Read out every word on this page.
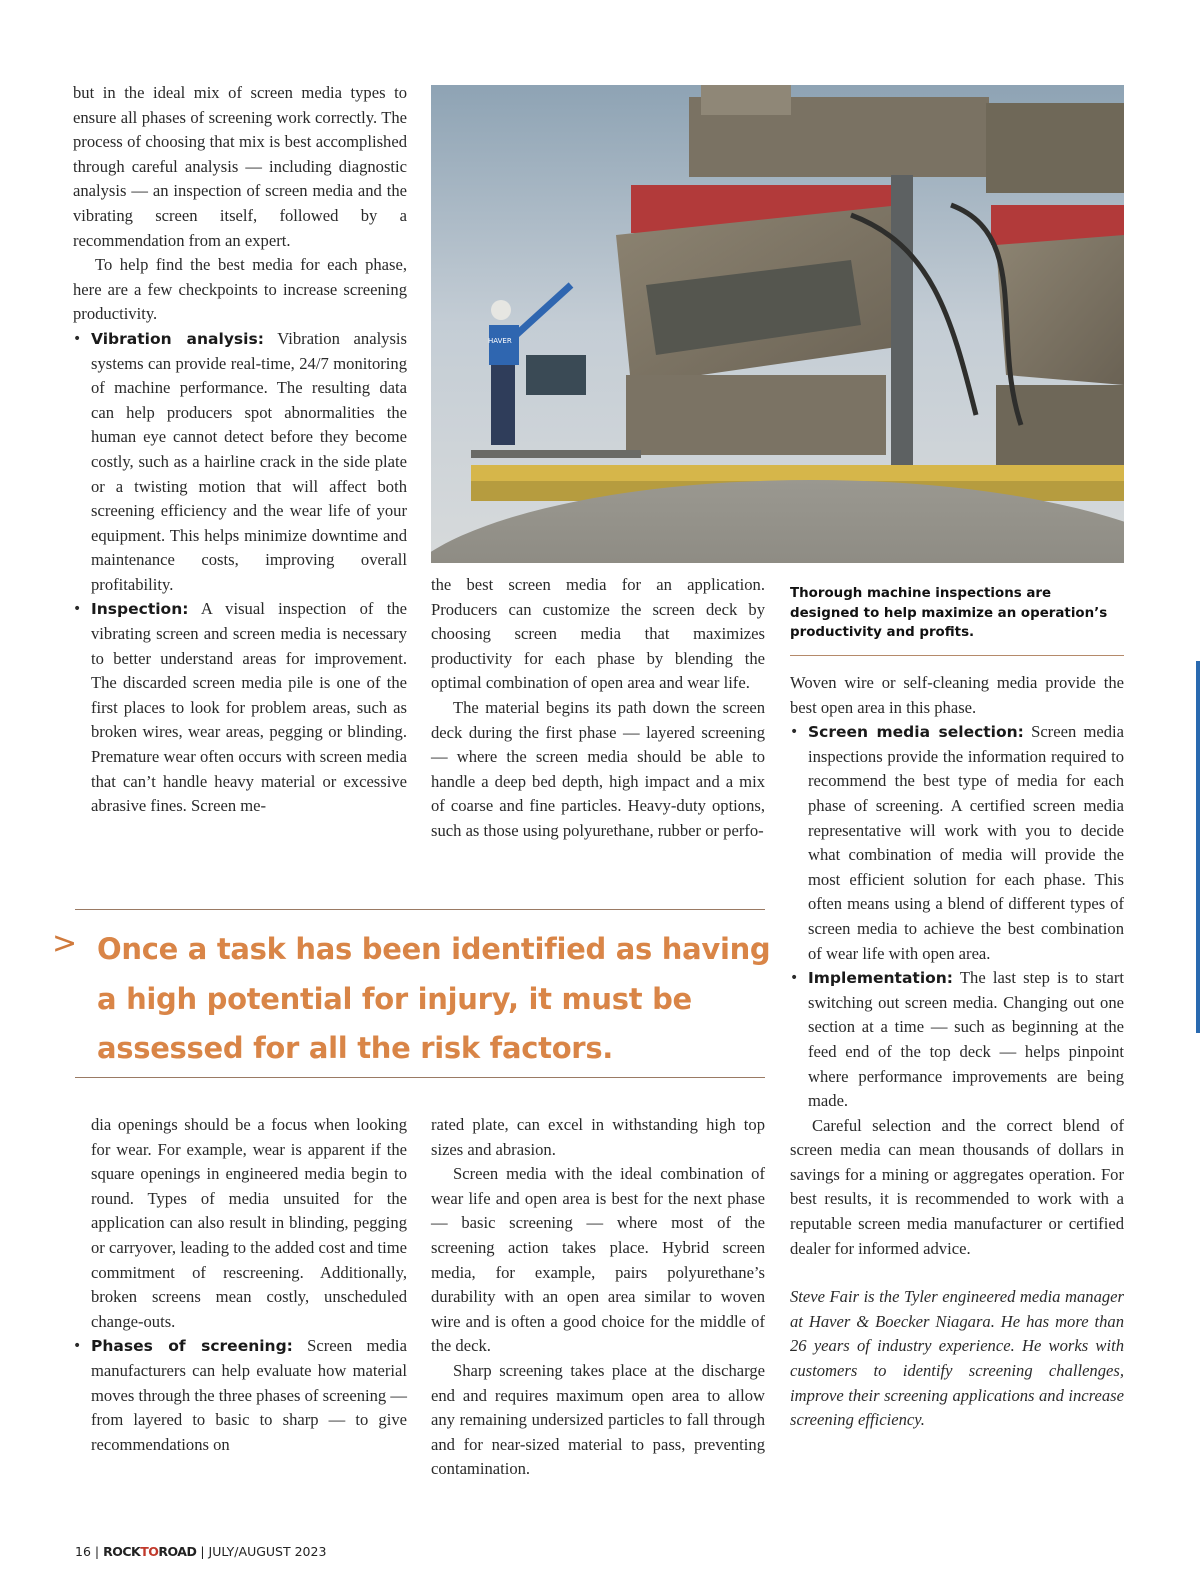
but in the ideal mix of screen media types to ensure all phases of screening work correctly. The process of choosing that mix is best accomplished through careful analysis — including diagnostic analysis — an inspection of screen media and the vibrating screen itself, followed by a recommendation from an expert.

To help find the best media for each phase, here are a few checkpoints to increase screening productivity.

• Vibration analysis: Vibration analysis systems can provide real-time, 24/7 monitoring of machine performance. The resulting data can help producers spot abnormalities the human eye cannot detect before they become costly, such as a hairline crack in the side plate or a twisting motion that will affect both screening efficiency and the wear life of your equipment. This helps minimize downtime and maintenance costs, improving overall profitability.
• Inspection: A visual inspection of the vibrating screen and screen media is necessary to better understand areas for improvement. The discarded screen media pile is one of the first places to look for problem areas, such as broken wires, wear areas, pegging or blinding. Premature wear often occurs with screen media that can’t handle heavy material or excessive abrasive fines. Screen me-
HAVER

the best screen media for an application. Producers can customize the screen deck by choosing screen media that maximizes productivity for each phase by blending the optimal combination of open area and wear life.

The material begins its path down the screen deck during the first phase — layered screening — where the screen media should be able to handle a deep bed depth, high impact and a mix of coarse and fine particles. Heavy-duty options, such as those using polyurethane, rubber or perfo-

Thorough machine inspections are designed to help maximize an operation’s productivity and profits.
> Once a task has been identified as having a high potential for injury, it must be assessed for all the risk factors.

dia openings should be a focus when looking for wear. For example, wear is apparent if the square openings in engineered media begin to round. Types of media unsuited for the application can also result in blinding, pegging or carryover, leading to the added cost and time commitment of rescreening. Additionally, broken screens mean costly, unscheduled change-outs.

• Phases of screening: Screen media manufacturers can help evaluate how material moves through the three phases of screening — from layered to basic to sharp — to give recommendations on

rated plate, can excel in withstanding high top sizes and abrasion.

Screen media with the ideal combination of wear life and open area is best for the next phase — basic screening — where most of the screening action takes place. Hybrid screen media, for example, pairs polyurethane’s durability with an open area similar to woven wire and is often a good choice for the middle of the deck.

Sharp screening takes place at the discharge end and requires maximum open area to allow any remaining undersized particles to fall through and for near-sized material to pass, preventing contamination.

Woven wire or self-cleaning media provide the best open area in this phase.

• Screen media selection: Screen media inspections provide the information required to recommend the best type of media for each phase of screening. A certified screen media representative will work with you to decide what combination of media will provide the most efficient solution for each phase. This often means using a blend of different types of screen media to achieve the best combination of wear life with open area.
• Implementation: The last step is to start switching out screen media. Changing out one section at a time — such as beginning at the feed end of the top deck — helps pinpoint where performance improvements are being made.

Careful selection and the correct blend of screen media can mean thousands of dollars in savings for a mining or aggregates operation. For best results, it is recommended to work with a reputable screen media manufacturer or certified dealer for informed advice.

Steve Fair is the Tyler engineered media manager at Haver & Boecker Niagara. He has more than 26 years of industry experience. He works with customers to identify screening challenges, improve their screening applications and increase screening efficiency.

16 | ROCKTOROAD | JULY/AUGUST 2023
